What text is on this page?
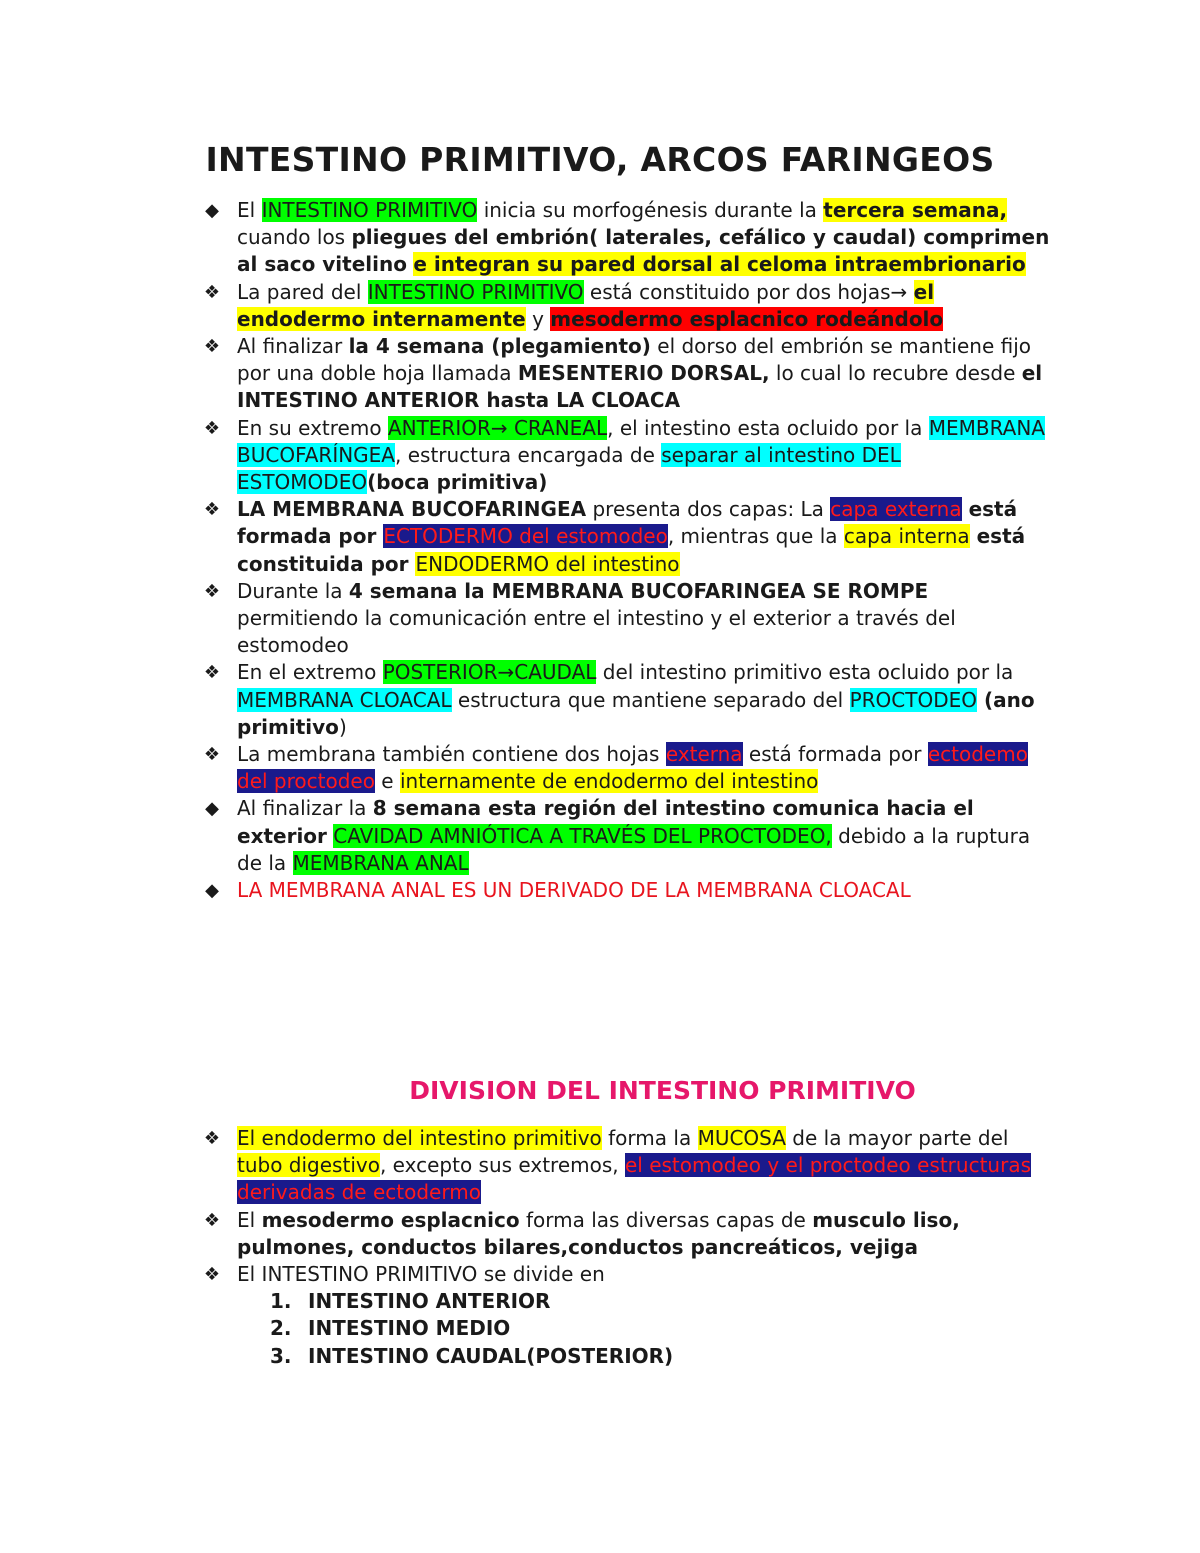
INTESTINO PRIMITIVO, ARCOS FARINGEOS
◆ El INTESTINO PRIMITIVO inicia su morfogénesis durante la tercera semana, cuando los pliegues del embrión( laterales, cefálico y caudal) comprimen al saco vitelino e integran su pared dorsal al celoma intraembrionario
❖ La pared del INTESTINO PRIMITIVO está constituido por dos hojas→ el endodermo internamente y mesodermo esplacnico rodeándolo
❖ Al finalizar la 4 semana (plegamiento) el dorso del embrión se mantiene fijo por una doble hoja llamada MESENTERIO DORSAL, lo cual lo recubre desde el INTESTINO ANTERIOR hasta LA CLOACA
❖ En su extremo ANTERIOR→ CRANEAL, el intestino esta ocluido por la MEMBRANA BUCOFARÍNGEA, estructura encargada de separar al intestino DEL ESTOMODEO(boca primitiva)
❖ LA MEMBRANA BUCOFARINGEA presenta dos capas: La capa externa está formada por ECTODERMO del estomodeo, mientras que la capa interna está constituida por ENDODERMO del intestino
❖ Durante la 4 semana la MEMBRANA BUCOFARINGEA SE ROMPE permitiendo la comunicación entre el intestino y el exterior a través del estomodeo
❖ En el extremo POSTERIOR→CAUDAL del intestino primitivo esta ocluido por la MEMBRANA CLOACAL estructura que mantiene separado del PROCTODEO (ano primitivo)
❖ La membrana también contiene dos hojas externa está formada por ectodemo del proctodeo e internamente de endodermo del intestino
◆ Al finalizar la 8 semana esta región del intestino comunica hacia el exterior CAVIDAD AMNIÓTICA A TRAVÉS DEL PROCTODEO, debido a la ruptura de la MEMBRANA ANAL
◆ LA MEMBRANA ANAL ES UN DERIVADO DE LA MEMBRANA CLOACAL
DIVISION DEL INTESTINO PRIMITIVO
❖ El endodermo del intestino primitivo forma la MUCOSA de la mayor parte del tubo digestivo, excepto sus extremos, el estomodeo y el proctodeo estructuras derivadas de ectodermo
❖ El mesodermo esplacnico forma las diversas capas de musculo liso, pulmones, conductos bilares,conductos pancreáticos, vejiga
❖ El INTESTINO PRIMITIVO se divide en
1. INTESTINO ANTERIOR
2. INTESTINO MEDIO
3. INTESTINO CAUDAL(POSTERIOR)
